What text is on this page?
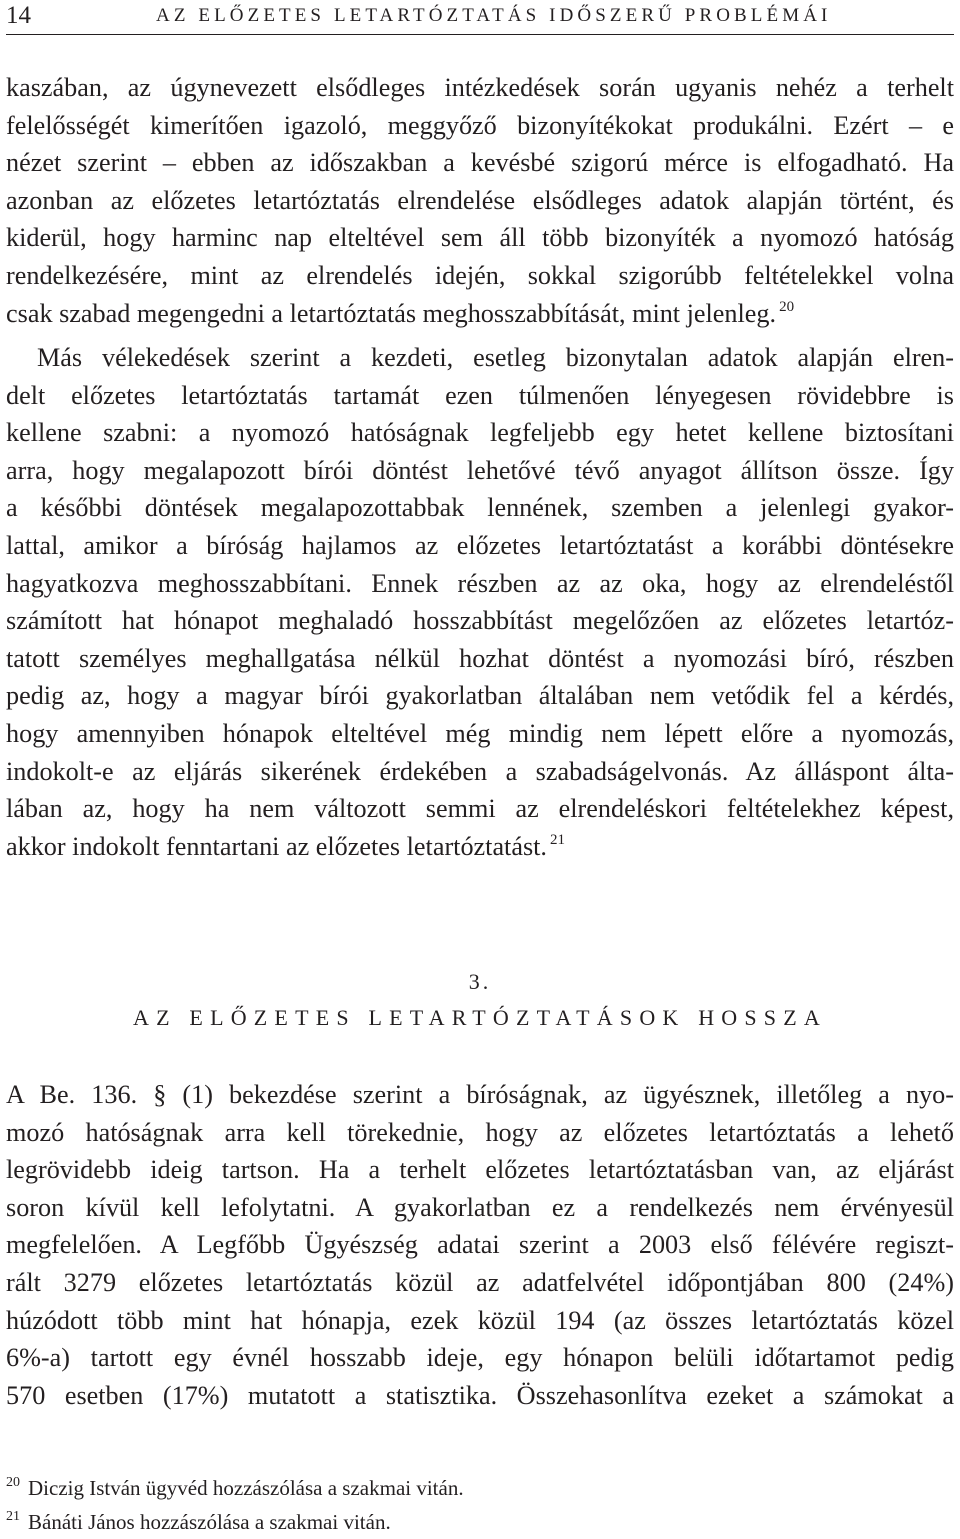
14	AZ ELŐZETES LETARTÓZTATÁS IDŐSZERŰ PROBLÉMÁI
kaszában, az úgynevezett elsődleges intézkedések során ugyanis nehéz a terhelt
felelősségét kimerítően igazoló, meggyőző bizonyítékokat produkálni. Ezért – e
nézet szerint – ebben az időszakban a kevésbé szigorú mérce is elfogadható. Ha
azonban az előzetes letartóztatás elrendelése elsődleges adatok alapján történt, és
kiderül, hogy harminc nap elteltével sem áll több bizonyíték a nyomozó hatóság
rendelkezésére, mint az elrendelés idején, sokkal szigorúbb feltételekkel volna
csak szabad megengedni a letartóztatás meghosszabbítását, mint jelenleg. $^{20}$
Más vélekedések szerint a kezdeti, esetleg bizonytalan adatok alapján elren-
delt előzetes letartóztatás tartamát ezen túlmenően lényegesen rövidebbre is
kellene szabni: a nyomozó hatóságnak legfeljebb egy hetet kellene biztosítani
arra, hogy megalapozott bírói döntést lehetővé tévő anyagot állítson össze. Így
a későbbi döntések megalapozottabbak lennének, szemben a jelenlegi gyakor-
lattal, amikor a bíróság hajlamos az előzetes letartóztatást a korábbi döntésekre
hagyatkozva meghosszabbítani. Ennek részben az az oka, hogy az elrendeléstől
számított hat hónapot meghaladó hosszabbítást megelőzően az előzetes letartóz-
tatott személyes meghallgatása nélkül hozhat döntést a nyomozási bíró, részben
pedig az, hogy a magyar bírói gyakorlatban általában nem vetődik fel a kérdés,
hogy amennyiben hónapok elteltével még mindig nem lépett előre a nyomozás,
indokolt-e az eljárás sikerének érdekében a szabadságelvonás. Az álláspont álta-
lában az, hogy ha nem változott semmi az elrendeléskori feltételekhez képest,
akkor indokolt fenntartani az előzetes letartóztatást. $^{21}$
3.
AZ ELŐZETES LETARTÓZTATÁSOK HOSSZA
A Be. 136. § (1) bekezdése szerint a bíróságnak, az ügyésznek, illetőleg a nyo-
mozó hatóságnak arra kell törekednie, hogy az előzetes letartóztatás a lehető
legrövidebb ideig tartson. Ha a terhelt előzetes letartóztatásban van, az eljárást
soron kívül kell lefolytatni. A gyakorlatban ez a rendelkezés nem érvényesül
megfelelően. A Legfőbb Ügyészség adatai szerint a 2003 első félévére regiszt-
rált 3279 előzetes letartóztatás közül az adatfelvétel időpontjában 800 (24%)
húzódott több mint hat hónapja, ezek közül 194 (az összes letartóztatás közel
6%-a) tartott egy évnél hosszabb ideje, egy hónapon belüli időtartamot pedig
570 esetben (17%) mutatott a statisztika. Összehasonlítva ezeket a számokat a
$^{20}$ Diczig István ügyvéd hozzászólása a szakmai vitán.
$^{21}$ Bánáti János hozzászólása a szakmai vitán.
